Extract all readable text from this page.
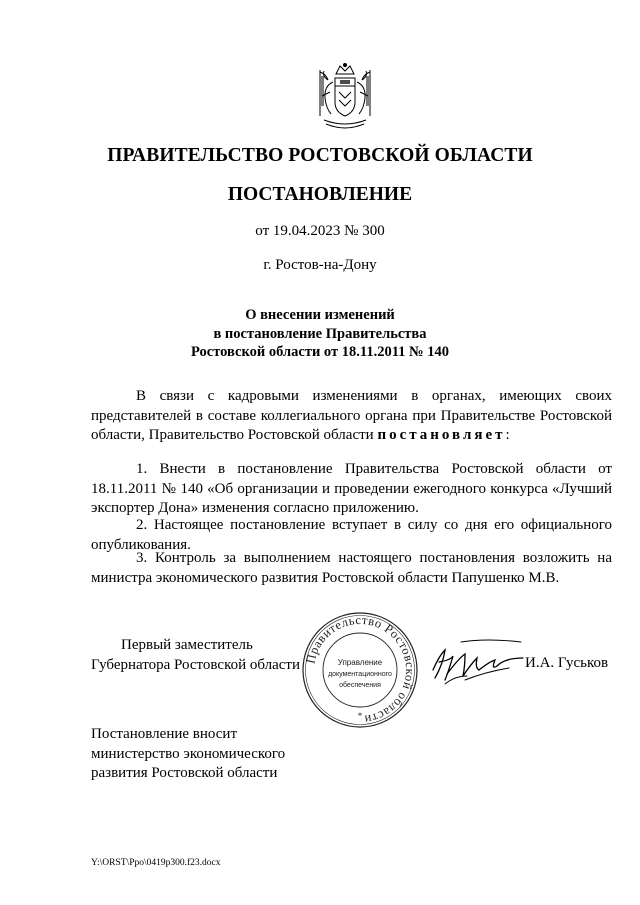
ПРАВИТЕЛЬСТВО РОСТОВСКОЙ ОБЛАСТИ
ПОСТАНОВЛЕНИЕ
от 19.04.2023 № 300
г. Ростов-на-Дону
О внесении изменений
в постановление Правительства
Ростовской области от 18.11.2011 № 140
В связи с кадровыми изменениями в органах, имеющих своих представителей в составе коллегиального органа при Правительстве Ростовской области, Правительство Ростовской области постановляет:
1. Внести в постановление Правительства Ростовской области от 18.11.2011 № 140 «Об организации и проведении ежегодного конкурса «Лучший экспортер Дона» изменения согласно приложению.
2. Настоящее постановление вступает в силу со дня его официального опубликования.
3. Контроль за выполнением настоящего постановления возложить на министра экономического развития Ростовской области Папушенко М.В.
Первый заместитель
Губернатора Ростовской области Правительство Ростовской области
Управление
документационного
обеспечения
*
И.А. Гуськов
Постановление вносит
министерство экономического
развития Ростовской области
Y:\ORST\Ppo\0419p300.f23.docx
